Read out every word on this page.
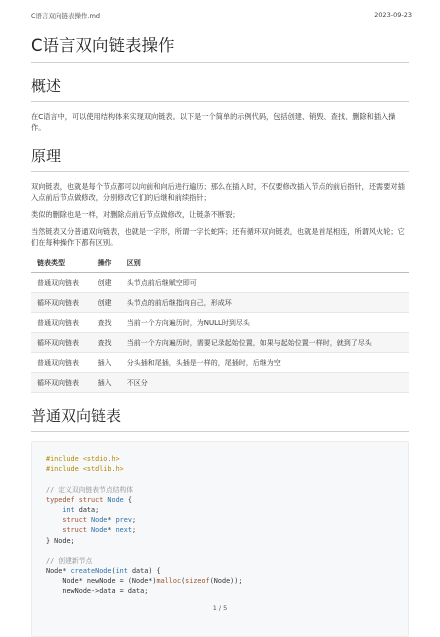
C语言双向链表操作.md	2023-09-23
C语言双向链表操作
概述

在C语言中，可以使用结构体来实现双向链表。以下是一个简单的示例代码，包括创建、销毁、查找、删除和插入操作。

原理

双向链表，也就是每个节点都可以向前和向后进行遍历；那么在插入时，不仅要修改插入节点的前后指针，还需要对插入点前后节点做修改，分别修改它们的后继和前续指针；

类似的删除也是一样，对删除点前后节点做修改，让链条不断裂；

当然链表又分普通双向链表，也就是一字形，所谓一字长蛇阵；还有循环双向链表，也就是首尾相连，所谓风火轮；它们在每种操作下都有区别。

链表类型	操作	区别
普通双向链表	创建	头节点前后继赋空即可
循环双向链表	创建	头节点的前后继指向自己，形成环
普通双向链表	查找	当前一个方向遍历时，为NULL时到尽头
循环双向链表	查找	当前一个方向遍历时，需要记录起始位置，如果与起始位置一样时，就到了尽头
普通双向链表	插入	分头插和尾插，头插是一样的，尾插时，后继为空
循环双向链表	插入	不区分
普通双向链表
#include <stdio.h>
#include <stdlib.h>
// 定义双向链表节点结构体
typedef struct Node {
int data;
struct Node* prev;
struct Node* next;
} Node;
// 创建新节点
Node* createNode(int data) {
Node* newNode = (Node*)malloc(sizeof(Node));
newNode->data = data;
1 / 5
